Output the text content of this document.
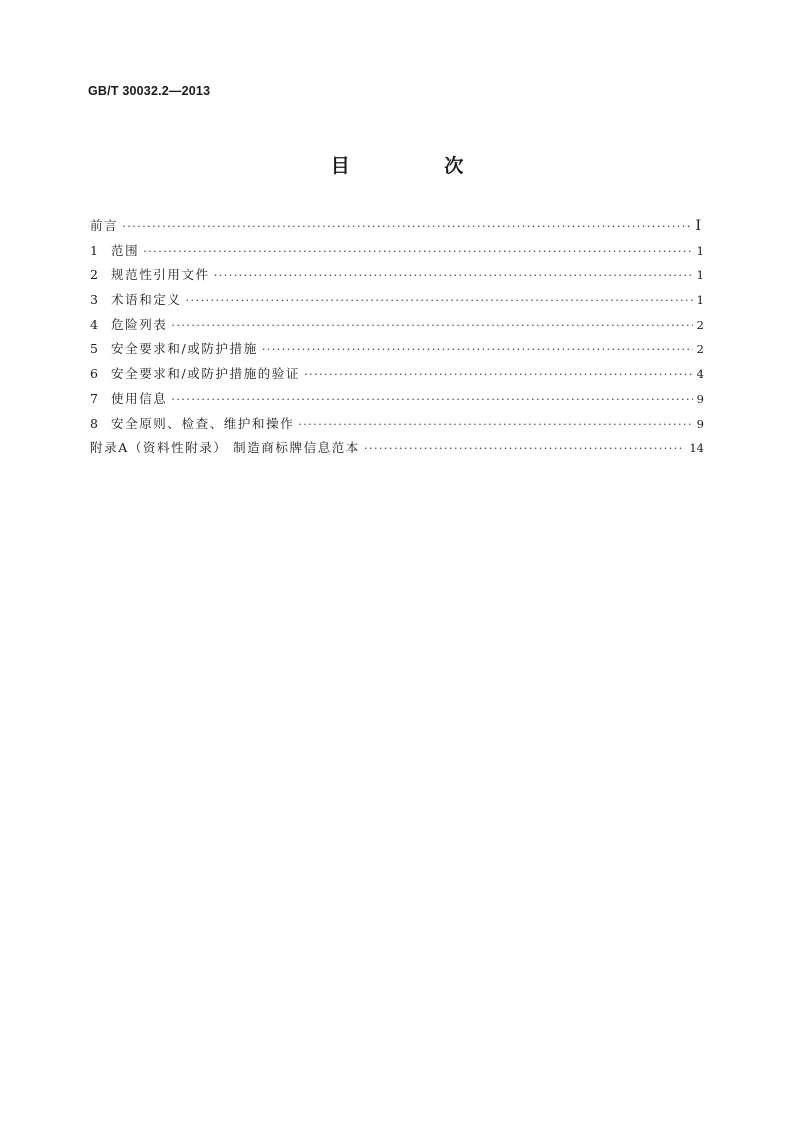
GB/T 30032.2—2013
目 次
前言 ·····	I
1	范围 ·····	1
2	规范性引用文件 ·····	1
3	术语和定义 ·····	1
4	危险列表 ·····	2
5	安全要求和/或防护措施 ·····	2
6	安全要求和/或防护措施的验证 ·····	4
7	使用信息 ·····	9
8	安全原则、检查、维护和操作 ·····	9
附录A（资料性附录） 制造商标牌信息范本 ·····	14
